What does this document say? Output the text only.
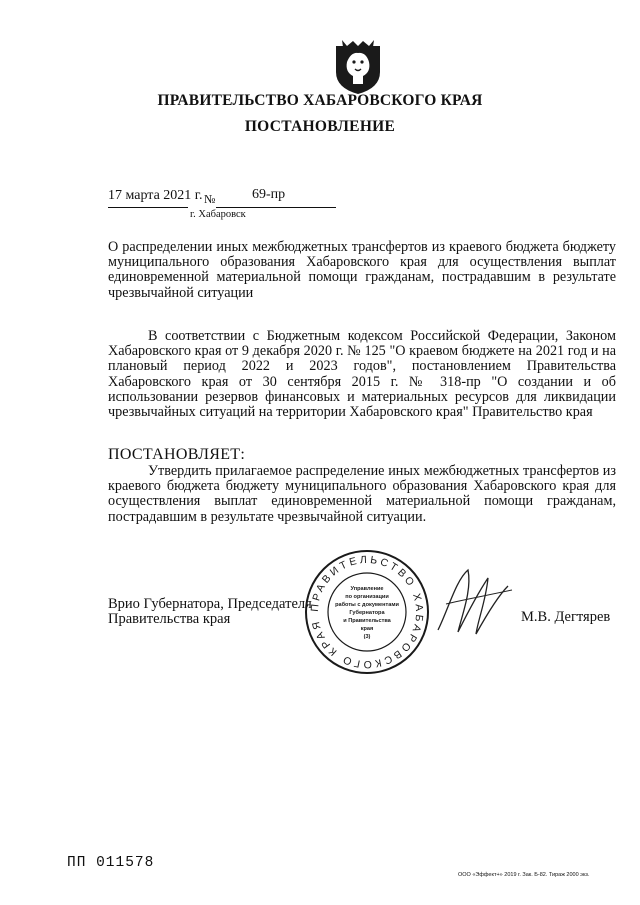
ПРАВИТЕЛЬСТВО ХАБАРОВСКОГО КРАЯ
ПОСТАНОВЛЕНИЕ
17 марта 2021 г. №	69-пр
г. Хабаровск
О распределении иных межбюджетных трансфертов из краевого бюджета бюджету муниципального образования Хабаровского края для осуществления выплат единовременной материальной помощи гражданам, пострадавшим в результате чрезвычайной ситуации
В соответствии с Бюджетным кодексом Российской Федерации, Законом Хабаровского края от 9 декабря 2020 г. № 125 "О краевом бюджете на 2021 год и на плановый период 2022 и 2023 годов", постановлением Правительства Хабаровского края от 30 сентября 2015 г. № 318-пр "О создании и об использовании резервов финансовых и материальных ресурсов для ликвидации чрезвычайных ситуаций на территории Хабаровского края" Правительство края
ПОСТАНОВЛЯЕТ:
Утвердить прилагаемое распределение иных межбюджетных трансфертов из краевого бюджета бюджету муниципального образования Хабаровского края для осуществления выплат единовременной материальной помощи гражданам, пострадавшим в результате чрезвычайной ситуации.
Врио Губернатора, Председателя
Правительства края	М.В. Дегтярев
ПРАВИТЕЛЬСТВО ХАБАРОВСКОГО КРАЯ
Управление
по организации
работы с документами
Губернатора
и Правительства
края
(3)
ПП 011578
ООО «Эффект+» 2019 г. Зак. Б-82. Тираж 2000 экз.
